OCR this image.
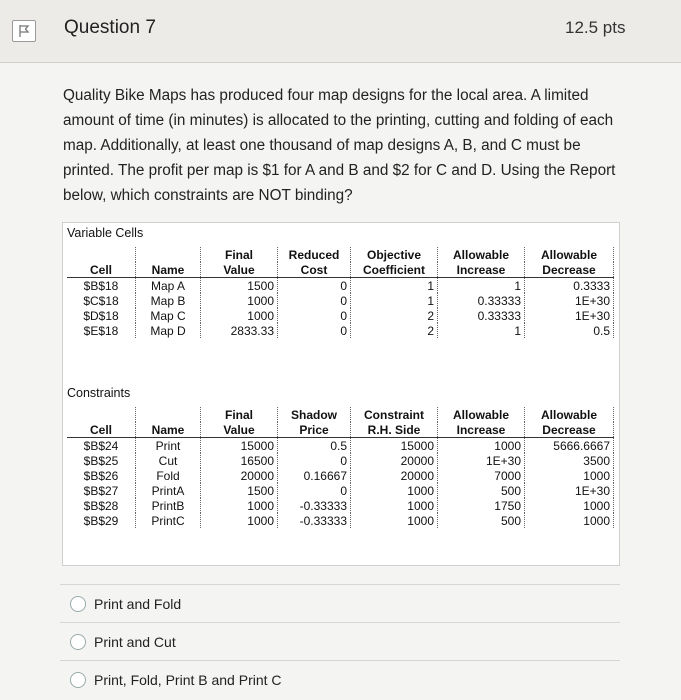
Question 7	12.5 pts
Quality Bike Maps has produced four map designs for the local area. A limited amount of time (in minutes) is allocated to the printing, cutting and folding of each map. Additionally, at least one thousand of map designs A, B, and C must be printed. The profit per map is $1 for A and B and $2 for C and D. Using the Report below, which constraints are NOT binding?
Variable Cells
		Final	Reduced	Objective	Allowable	Allowable
Cell	Name	Value	Cost	Coefficient	Increase	Decrease
$B$18	Map A	1500	0	1	1	0.3333
$C$18	Map B	1000	0	1	0.33333	1E+30
$D$18	Map C	1000	0	2	0.33333	1E+30
$E$18	Map D	2833.33	0	2	1	0.5
Constraints
		Final	Shadow	Constraint	Allowable	Allowable
Cell	Name	Value	Price	R.H. Side	Increase	Decrease
$B$24	Print	15000	0.5	15000	1000	5666.6667
$B$25	Cut	16500	0	20000	1E+30	3500
$B$26	Fold	20000	0.16667	20000	7000	1000
$B$27	PrintA	1500	0	1000	500	1E+30
$B$28	PrintB	1000	-0.33333	1000	1750	1000
$B$29	PrintC	1000	-0.33333	1000	500	1000
Print and Fold
Print and Cut
Print, Fold, Print B and Print C
